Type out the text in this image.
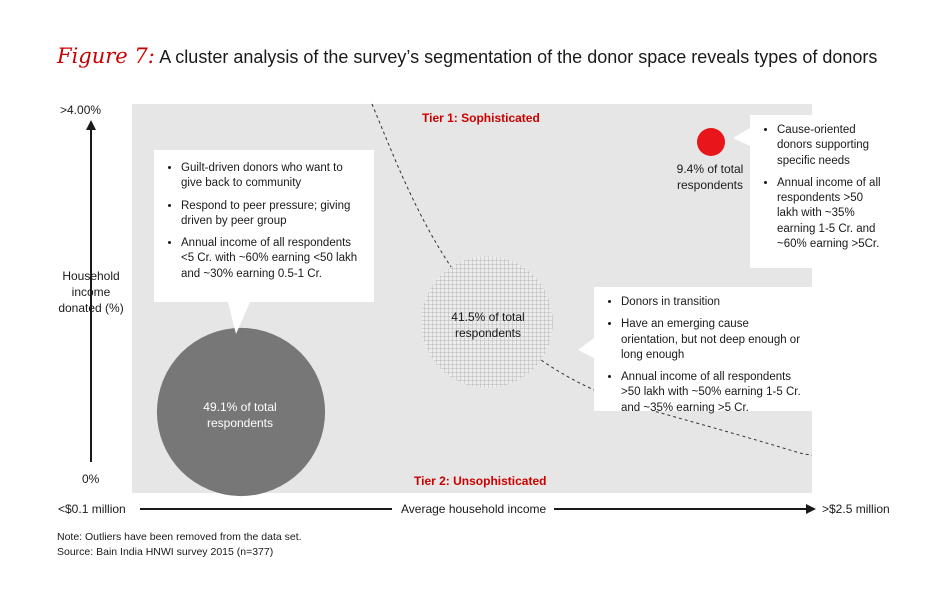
Figure 7: A cluster analysis of the survey’s segmentation of the donor space reveals types of donors
>4.00%
0%
Household income donated (%)
<$0.1 million	Average household income	>$2.5 million
Tier 1: Sophisticated
Tier 2: Unsophisticated
• Guilt-driven donors who want to give back to community
• Respond to peer pressure; giving driven by peer group
• Annual income of all respondents <5 Cr. with ~60% earning <50 lakh and ~30% earning 0.5-1 Cr.
• Donors in transition
• Have an emerging cause orientation, but not deep enough or long enough
• Annual income of all respondents >50 lakh with ~50% earning 1-5 Cr. and ~35% earning >5 Cr.
• Cause-oriented donors supporting specific needs
• Annual income of all respondents >50 lakh with ~35% earning 1-5 Cr. and ~60% earning >5Cr.
49.1% of total respondents
41.5% of total respondents
9.4% of total respondents
Note: Outliers have been removed from the data set.
Source: Bain India HNWI survey 2015 (n=377)
